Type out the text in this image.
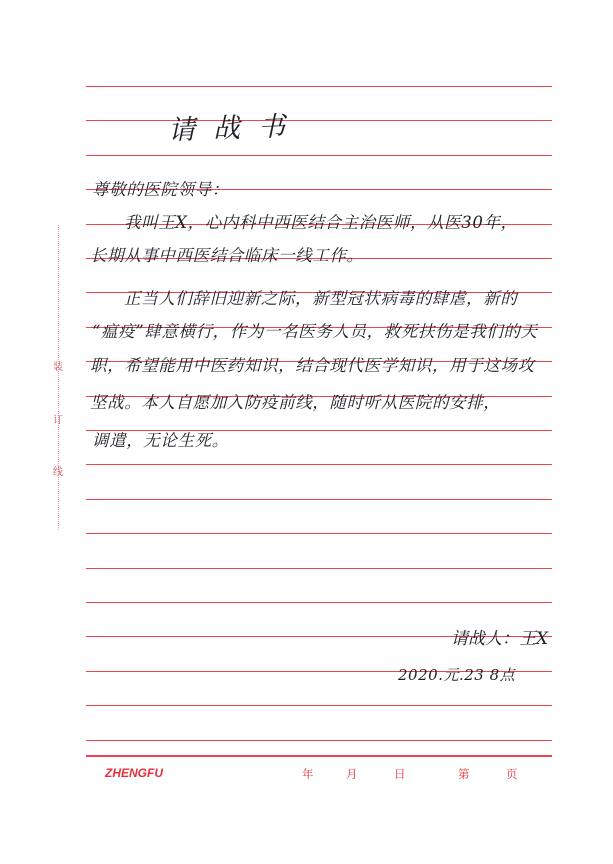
装
订
线
请战书
尊敬的医院领导：
我叫王X，心内科中西医结合主治医师，从医30年，
长期从事中西医结合临床一线工作。
正当人们辞旧迎新之际，新型冠状病毒的肆虐，新的
“瘟疫”肆意横行，作为一名医务人员，救死扶伤是我们的天
职，希望能用中医药知识，结合现代医学知识，用于这场攻
坚战。本人自愿加入防疫前线，随时听从医院的安排，
调遣，无论生死。
请战人：王X
2020.元.23 8点
ZHENGFU	年	月	日	第	页
